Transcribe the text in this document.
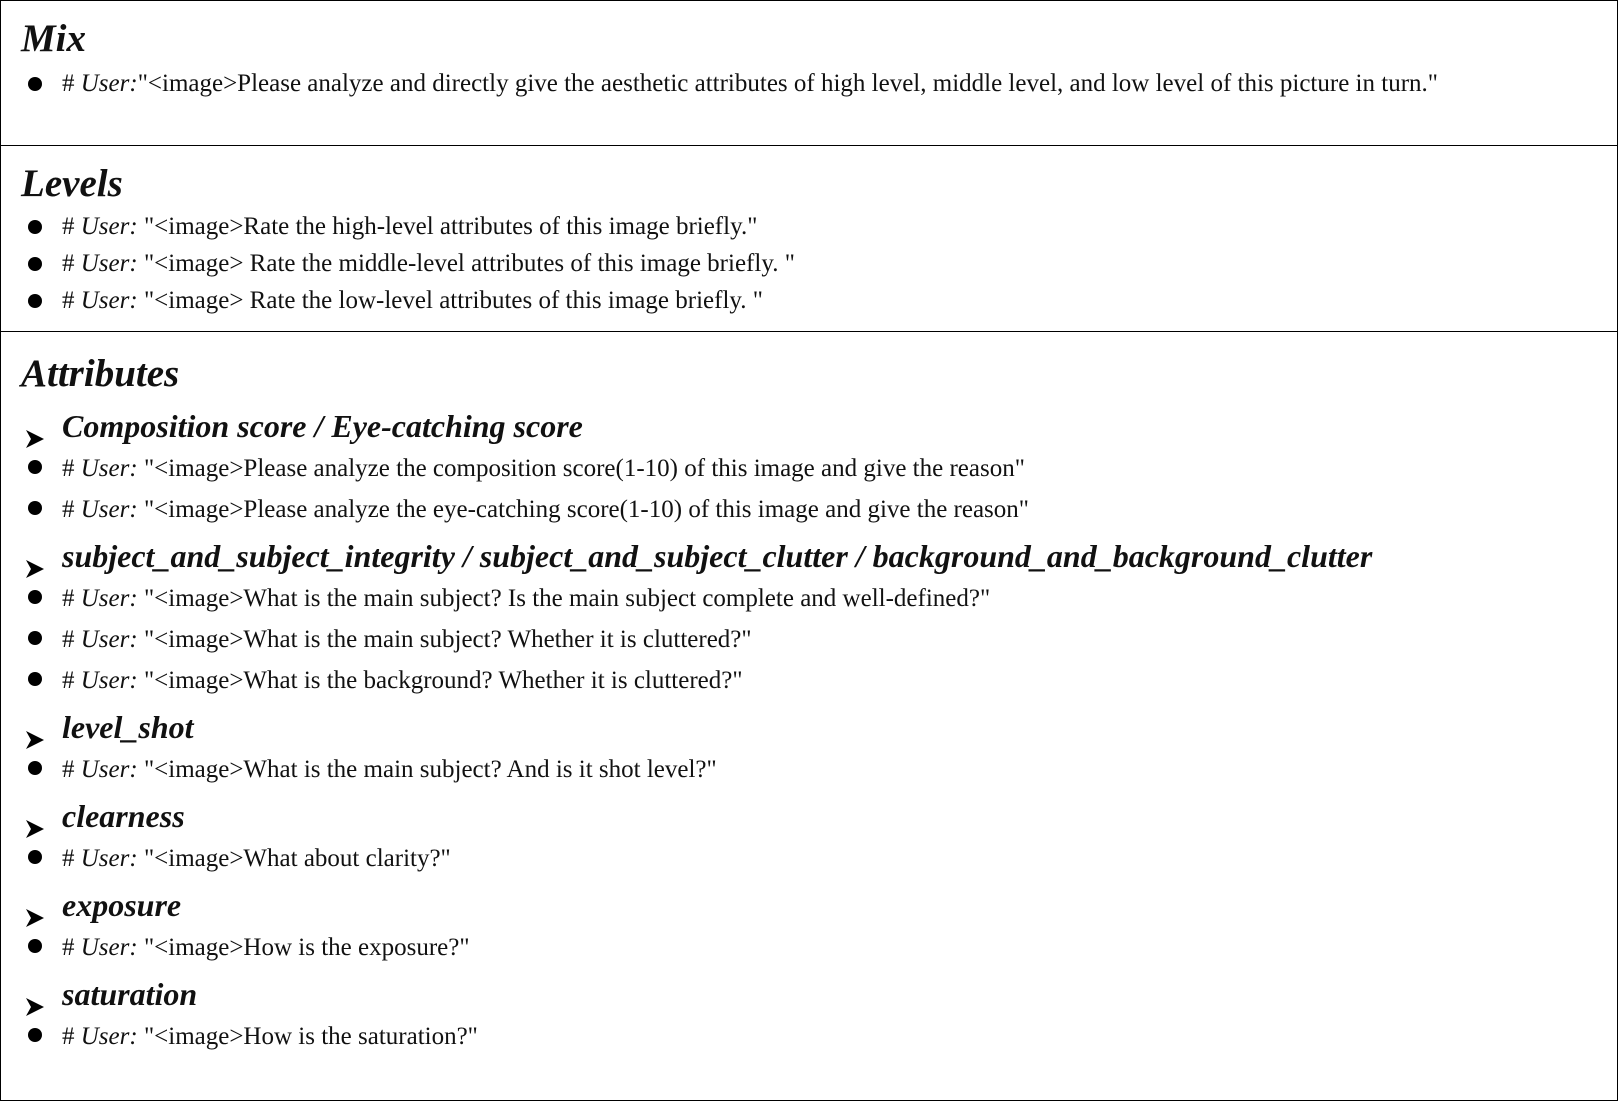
Mix
# User:"<image>Please analyze and directly give the aesthetic attributes of high level, middle level, and low level of this picture in turn."
Levels
# User: "<image>Rate the high-level attributes of this image briefly."
# User: "<image> Rate the middle-level attributes of this image briefly. "
# User: "<image> Rate the low-level attributes of this image briefly. "
Attributes
Composition score / Eye-catching score
# User: "<image>Please analyze the composition score(1-10) of this image and give the reason"
# User: "<image>Please analyze the eye-catching score(1-10) of this image and give the reason"
subject_and_subject_integrity / subject_and_subject_clutter / background_and_background_clutter
# User: "<image>What is the main subject? Is the main subject complete and well-defined?"
# User: "<image>What is the main subject? Whether it is cluttered?"
# User: "<image>What is the background? Whether it is cluttered?"
level_shot
# User: "<image>What is the main subject? And is it shot level?"
clearness
# User: "<image>What about clarity?"
exposure
# User: "<image>How is the exposure?"
saturation
# User: "<image>How is the saturation?"
